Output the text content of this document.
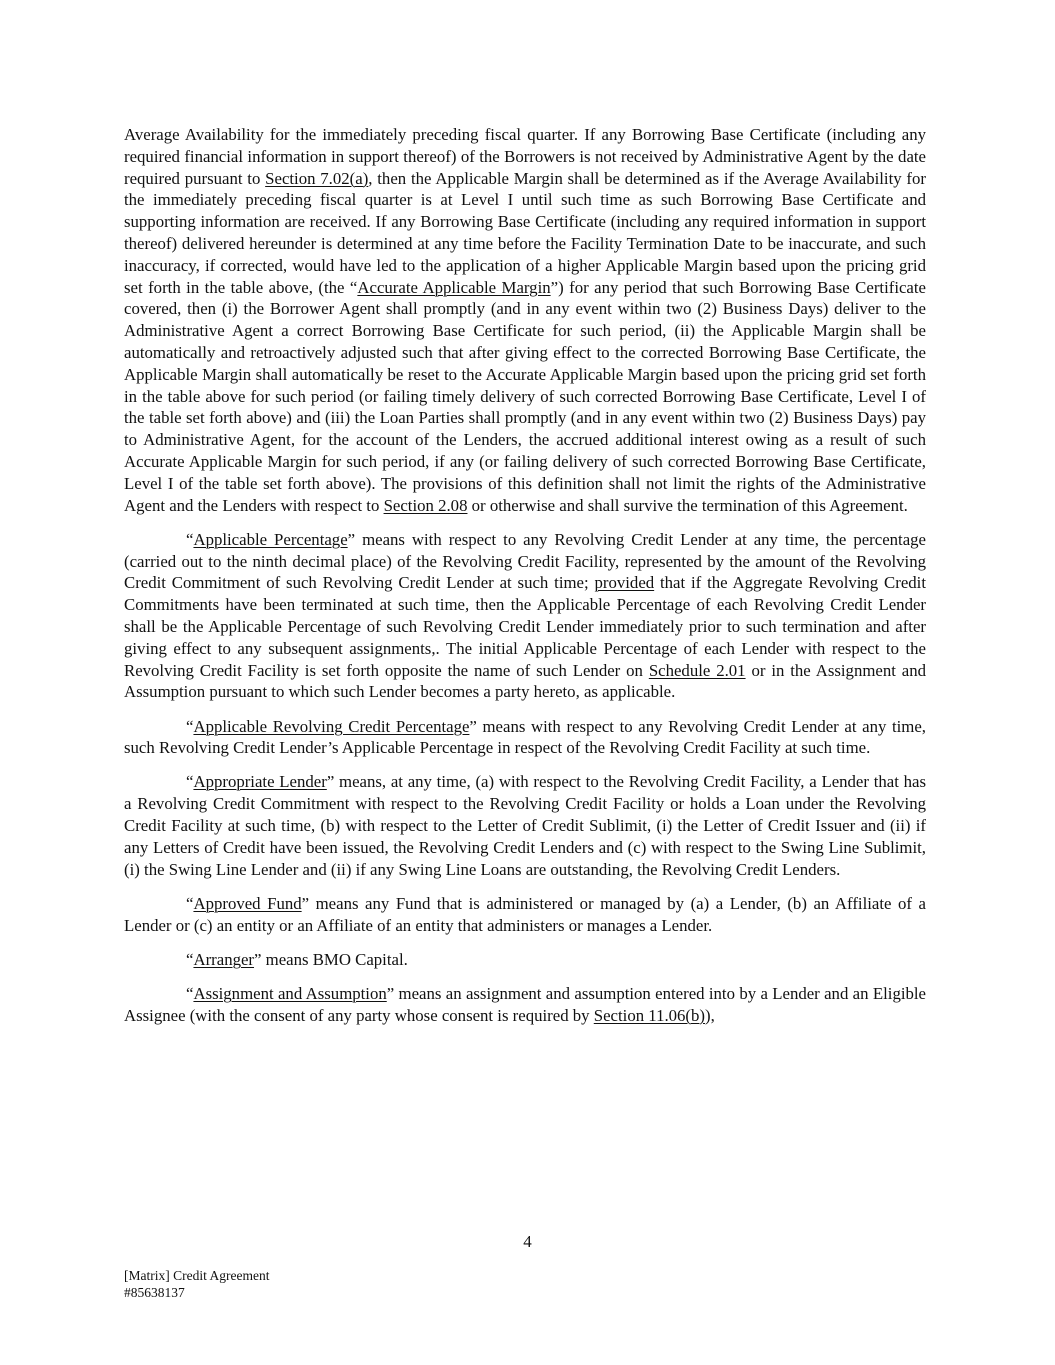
Average Availability for the immediately preceding fiscal quarter. If any Borrowing Base Certificate (including any required financial information in support thereof) of the Borrowers is not received by Administrative Agent by the date required pursuant to Section 7.02(a), then the Applicable Margin shall be determined as if the Average Availability for the immediately preceding fiscal quarter is at Level I until such time as such Borrowing Base Certificate and supporting information are received. If any Borrowing Base Certificate (including any required information in support thereof) delivered hereunder is determined at any time before the Facility Termination Date to be inaccurate, and such inaccuracy, if corrected, would have led to the application of a higher Applicable Margin based upon the pricing grid set forth in the table above, (the “Accurate Applicable Margin”) for any period that such Borrowing Base Certificate covered, then (i) the Borrower Agent shall promptly (and in any event within two (2) Business Days) deliver to the Administrative Agent a correct Borrowing Base Certificate for such period, (ii) the Applicable Margin shall be automatically and retroactively adjusted such that after giving effect to the corrected Borrowing Base Certificate, the Applicable Margin shall automatically be reset to the Accurate Applicable Margin based upon the pricing grid set forth in the table above for such period (or failing timely delivery of such corrected Borrowing Base Certificate, Level I of the table set forth above) and (iii) the Loan Parties shall promptly (and in any event within two (2) Business Days) pay to Administrative Agent, for the account of the Lenders, the accrued additional interest owing as a result of such Accurate Applicable Margin for such period, if any (or failing delivery of such corrected Borrowing Base Certificate, Level I of the table set forth above). The provisions of this definition shall not limit the rights of the Administrative Agent and the Lenders with respect to Section 2.08 or otherwise and shall survive the termination of this Agreement.

“Applicable Percentage” means with respect to any Revolving Credit Lender at any time, the percentage (carried out to the ninth decimal place) of the Revolving Credit Facility, represented by the amount of the Revolving Credit Commitment of such Revolving Credit Lender at such time; provided that if the Aggregate Revolving Credit Commitments have been terminated at such time, then the Applicable Percentage of each Revolving Credit Lender shall be the Applicable Percentage of such Revolving Credit Lender immediately prior to such termination and after giving effect to any subsequent assignments,. The initial Applicable Percentage of each Lender with respect to the Revolving Credit Facility is set forth opposite the name of such Lender on Schedule 2.01 or in the Assignment and Assumption pursuant to which such Lender becomes a party hereto, as applicable.

“Applicable Revolving Credit Percentage” means with respect to any Revolving Credit Lender at any time, such Revolving Credit Lender’s Applicable Percentage in respect of the Revolving Credit Facility at such time.

“Appropriate Lender” means, at any time, (a) with respect to the Revolving Credit Facility, a Lender that has a Revolving Credit Commitment with respect to the Revolving Credit Facility or holds a Loan under the Revolving Credit Facility at such time, (b) with respect to the Letter of Credit Sublimit, (i) the Letter of Credit Issuer and (ii) if any Letters of Credit have been issued, the Revolving Credit Lenders and (c) with respect to the Swing Line Sublimit, (i) the Swing Line Lender and (ii) if any Swing Line Loans are outstanding, the Revolving Credit Lenders.

“Approved Fund” means any Fund that is administered or managed by (a) a Lender, (b) an Affiliate of a Lender or (c) an entity or an Affiliate of an entity that administers or manages a Lender.

“Arranger” means BMO Capital.

“Assignment and Assumption” means an assignment and assumption entered into by a Lender and an Eligible Assignee (with the consent of any party whose consent is required by Section 11.06(b)),

4
[Matrix] Credit Agreement
#85638137
